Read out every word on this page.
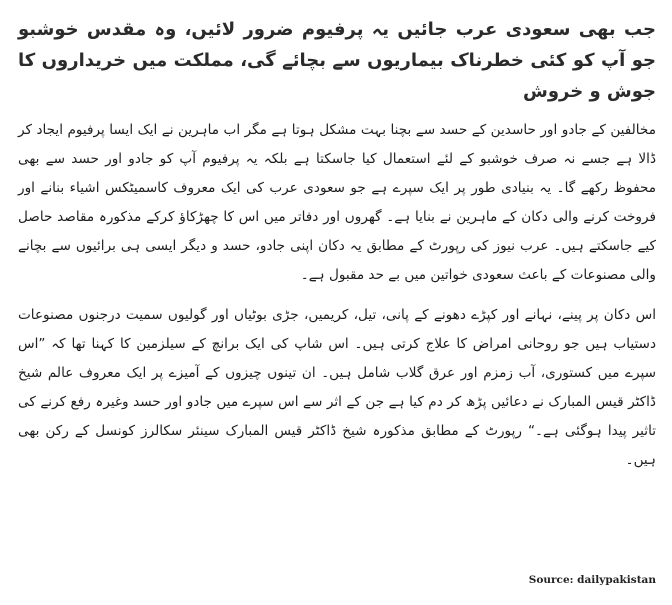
جب بھی سعودی عرب جائیں یہ پرفیوم ضرور لائیں، وہ مقدس خوشبو جو آپ کو کئی خطرناک بیماریوں سے بچائے گی، مملکت میں خریداروں کا جوش و خروش

مخالفین کے جادو اور حاسدین کے حسد سے بچنا بہت مشکل ہوتا ہے مگر اب ماہرین نے ایک ایسا پرفیوم ایجاد کر ڈالا ہے جسے نہ صرف خوشبو کے لئے استعمال کیا جاسکتا ہے بلکہ یہ پرفیوم آپ کو جادو اور حسد سے بھی محفوظ رکھے گا۔ یہ بنیادی طور پر ایک سپرے ہے جو سعودی عرب کی ایک معروف کاسمیٹکس اشیاء بنانے اور فروخت کرنے والی دکان کے ماہرین نے بنایا ہے۔ گھروں اور دفاتر میں اس کا چھڑکاؤ کرکے مذکورہ مقاصد حاصل کیے جاسکتے ہیں۔ عرب نیوز کی رپورٹ کے مطابق یہ دکان اپنی جادو، حسد و دیگر ایسی ہی برائیوں سے بچانے والی مصنوعات کے باعث سعودی خواتین میں بے حد مقبول ہے۔

اس دکان پر پینے، نہانے اور کپڑے دھونے کے پانی، تیل، کریمیں، جڑی بوٹیاں اور گولیوں سمیت درجنوں مصنوعات دستیاب ہیں جو روحانی امراض کا علاج کرتی ہیں۔ اس شاپ کی ایک برانچ کے سیلزمین کا کہنا تھا کہ ”اس سپرے میں کستوری، آب زمزم اور عرق گلاب شامل ہیں۔ ان تینوں چیزوں کے آمیزے پر ایک معروف عالم شیخ ڈاکٹر قیس المبارک نے دعائیں پڑھ کر دم کیا ہے جن کے اثر سے اس سپرے میں جادو اور حسد وغیرہ رفع کرنے کی تاثیر پیدا ہوگئی ہے۔“ رپورٹ کے مطابق مذکورہ شیخ ڈاکٹر قیس المبارک سینئر سکالرز کونسل کے رکن بھی ہیں۔

Source: dailypakistan
